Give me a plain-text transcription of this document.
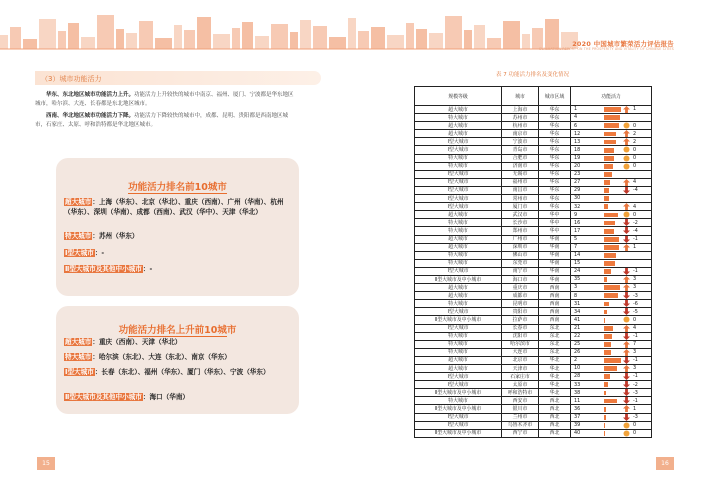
2020 中国城市繁荣活力评估报告
EVALUATION REPORT ON THE PROSPERITY AND VITALITY OF CHINESE CITIES
（3）城市功能活力
华东、东北地区城市功能活力上升。功能活力上升较快的城市中南京、福州、厦门、宁波都是华东地区城市，哈尔滨、大连、长春都是东北地区城市。
西南、华北地区城市功能活力下降。功能活力下降较快的城市中，成都、昆明、贵阳都是西南地区城市，石家庄、太原、呼和浩特都是华北地区城市。
功能活力排名前10城市
超大城市：上海（华东）、北京（华北）、重庆（西南）、广州（华南）、杭州（华东）、深圳（华南）、成都（西南）、武汉（华中）、天津（华北）
特大城市：苏州（华东）
Ⅰ型大城市：-
Ⅱ型大城市及其他中小城市：-
功能活力排名上升前10城市
超大城市：重庆（西南）、天津（华北）
特大城市：哈尔滨（东北）、大连（东北）、南京（华东）
Ⅰ型大城市：长春（东北）、福州（华东）、厦门（华东）、宁波（华东）
Ⅱ型大城市及其他中小城市：海口（华南）
15
表 7 功能活力排名及变化情况
规模等级	城市	城市区域	功能活力
超大城市	上海市	华东	1 1

特大城市	苏州市	华东	4

超大城市	杭州市	华东	6 0

超大城市	南京市	华东	12 2

Ⅰ型大城市	宁波市	华东	13 2

Ⅰ型大城市	青岛市	华东	18 0

特大城市	合肥市	华东	19 0

特大城市	济南市	华东	20 0

Ⅰ型大城市	无锡市	华东	23

Ⅰ型大城市	福州市	华东	27 4

Ⅰ型大城市	南昌市	华东	29 -4

Ⅰ型大城市	常州市	华东	30

Ⅰ型大城市	厦门市	华东	32 4

超大城市	武汉市	华中	9 0

特大城市	长沙市	华中	16 -2

特大城市	郑州市	华中	17 -4

超大城市	广州市	华南	5 -1

超大城市	深圳市	华南	7 1

特大城市	佛山市	华南	14

特大城市	东莞市	华南	15

Ⅰ型大城市	南宁市	华南	24 -1

Ⅱ型大城市及中小城市	海口市	华南	35 3

超大城市	重庆市	西南	3 3

超大城市	成都市	西南	8 -3

特大城市	昆明市	西南	31 -6

Ⅰ型大城市	贵阳市	西南	34 -5

Ⅱ型大城市及中小城市	拉萨市	西南	41 0

Ⅰ型大城市	长春市	东北	21 4

特大城市	沈阳市	东北	22 -1

特大城市	哈尔滨市	东北	25 7

特大城市	大连市	东北	26 3

超大城市	北京市	华北	2 -1

超大城市	天津市	华北	10 3

Ⅰ型大城市	石家庄市	华北	28 -1

Ⅰ型大城市	太原市	华北	33 -2

Ⅱ型大城市及中小城市	呼和浩特市	华北	38 -3

特大城市	西安市	西北	11 -1

Ⅱ型大城市及中小城市	银川市	西北	36 1

Ⅰ型大城市	兰州市	西北	37 -3

Ⅰ型大城市	乌鲁木齐市	西北	39 0

Ⅱ型大城市及中小城市	西宁市	西北	40 0
16
